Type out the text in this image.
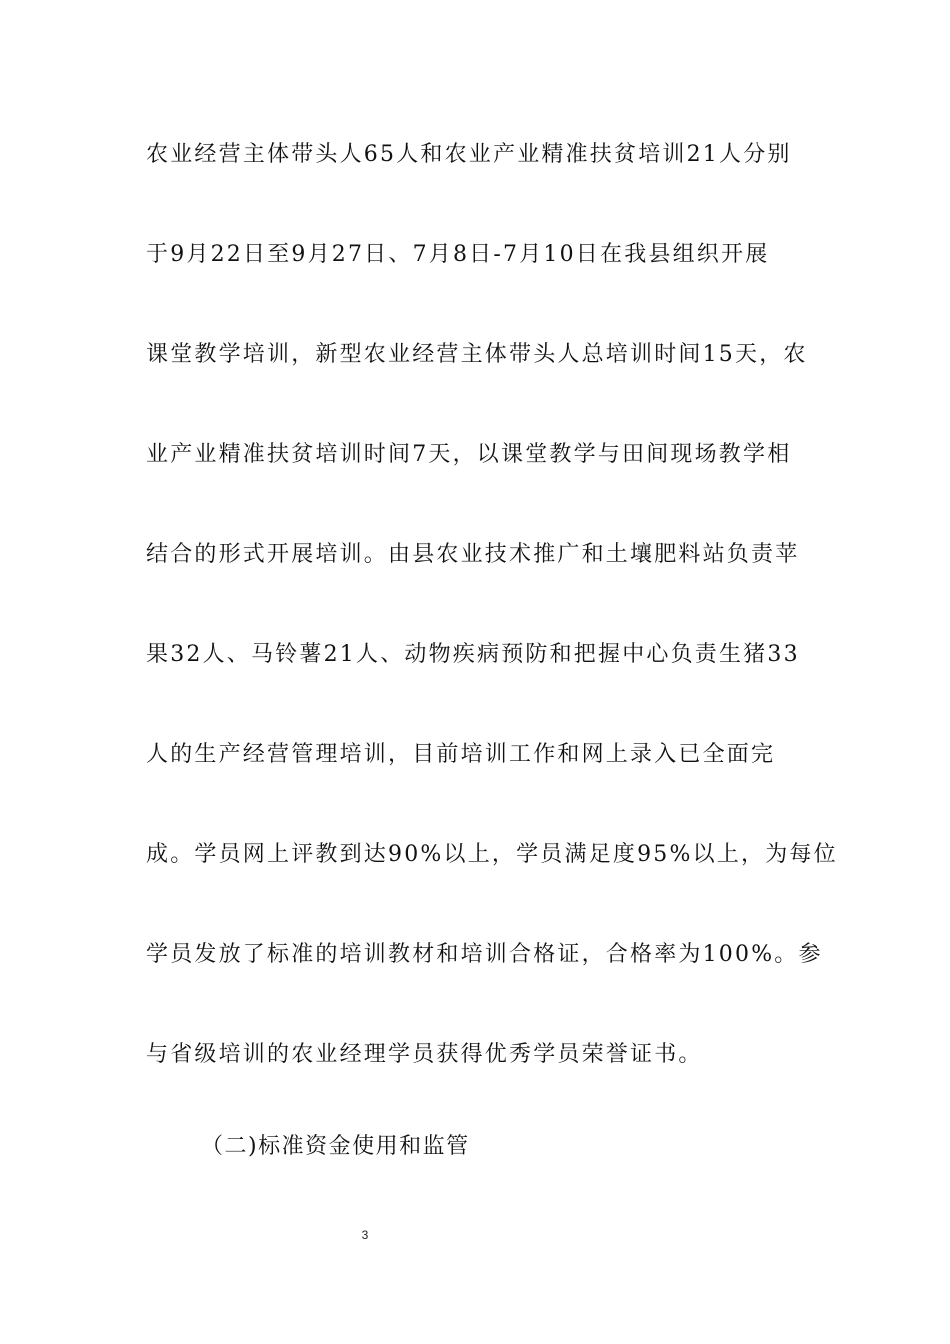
农业经营主体带头人65人和农业产业精准扶贫培训21人分别
于9月22日至9月27日、7月8日-7月10日在我县组织开展
课堂教学培训，新型农业经营主体带头人总培训时间15天，农
业产业精准扶贫培训时间7天，以课堂教学与田间现场教学相
结合的形式开展培训。由县农业技术推广和土壤肥料站负责苹
果32人、马铃薯21人、动物疾病预防和把握中心负责生猪33
人的生产经营管理培训，目前培训工作和网上录入已全面完
成。学员网上评教到达90%以上，学员满足度95%以上，为每位
学员发放了标准的培训教材和培训合格证，合格率为100%。参
与省级培训的农业经理学员获得优秀学员荣誉证书。
（二)标准资金使用和监管
3
